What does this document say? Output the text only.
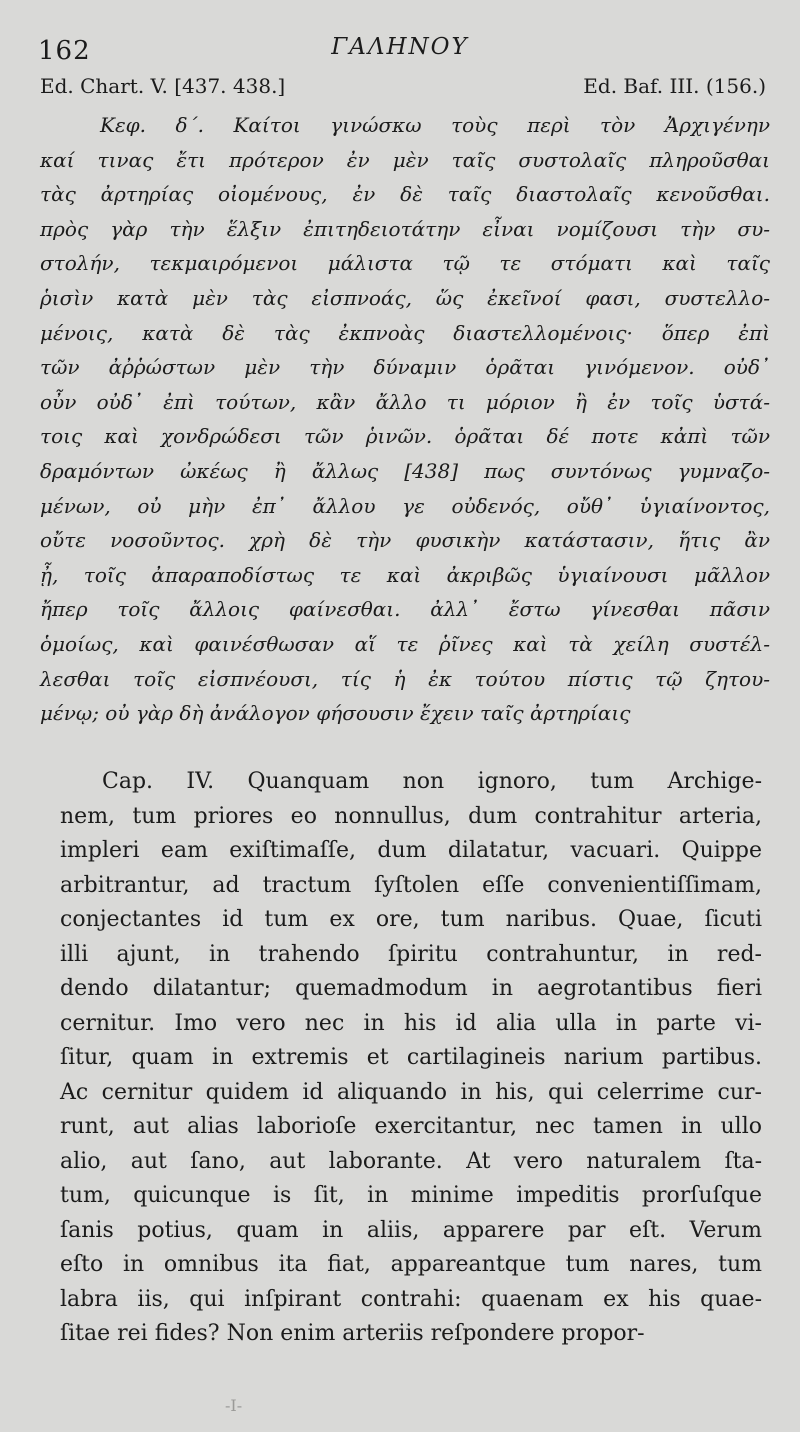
162	ΓΑΛΗΝΟΥ
Ed. Chart. V. [437. 438.]	Ed. Baf. III. (156.)
Κεφ. δ΄. Καίτοι γινώσκω τοὺς περὶ τὸν Ἀρχιγένην
καί τινας ἔτι πρότερον ἐν μὲν ταῖς συστολαῖς πληροῦσθαι
τὰς ἀρτηρίας οἰομένους, ἐν δὲ ταῖς διαστολαῖς κενοῦσθαι.
πρὸς γὰρ τὴν ἕλξιν ἐπιτηδειοτάτην εἶναι νομίζουσι τὴν συ-
στολήν, τεκμαιρόμενοι μάλιστα τῷ τε στόματι καὶ ταῖς
ῥισὶν κατὰ μὲν τὰς εἰσπνοάς, ὥς ἐκεῖνοί φασι, συστελλο-
μένοις, κατὰ δὲ τὰς ἐκπνοὰς διαστελλομένοις· ὅπερ ἐπὶ
τῶν ἀῤῥώστων μὲν τὴν δύναμιν ὁρᾶται γινόμενον. οὐδ᾽
οὖν οὐδ᾽ ἐπὶ τούτων, κἂν ἄλλο τι μόριον ἢ ἐν τοῖς ὑστά-
τοις καὶ χονδρώδεσι τῶν ῥινῶν. ὁρᾶται δέ ποτε κἀπὶ τῶν
δραμόντων ὠκέως ἢ ἄλλως [438] πως συντόνως γυμναζο-
μένων, οὐ μὴν ἐπ᾽ ἄλλου γε οὐδενός, οὔθ᾽ ὑγιαίνοντος,
οὔτε νοσοῦντος. χρὴ δὲ τὴν φυσικὴν κατάστασιν, ἥτις ἂν
ᾖ, τοῖς ἀπαραποδίστως τε καὶ ἀκριβῶς ὑγιαίνουσι μᾶλλον
ἤπερ τοῖς ἄλλοις φαίνεσθαι. ἀλλ᾽ ἔστω γίνεσθαι πᾶσιν
ὁμοίως, καὶ φαινέσθωσαν αἵ τε ῥῖνες καὶ τὰ χείλη συστέλ-
λεσθαι τοῖς εἰσπνέουσι, τίς ἡ ἐκ τούτου πίστις τῷ ζητου-
μένῳ; οὐ γὰρ δὴ ἀνάλογον φήσουσιν ἔχειν ταῖς ἀρτηρίαις
Cap. IV. Quanquam non ignoro, tum Archige-
nem, tum priores eo nonnullus, dum contrahitur arteria,
impleri eam exiſtimaſſe, dum dilatatur, vacuari. Quippe
arbitrantur, ad tractum ſyſtolen eſſe convenientiſſimam,
conjectantes id tum ex ore, tum naribus. Quae, ſicuti
illi ajunt, in trahendo ſpiritu contrahuntur, in red-
dendo dilatantur; quemadmodum in aegrotantibus fieri
cernitur. Imo vero nec in his id alia ulla in parte vi-
ſitur, quam in extremis et cartilagineis narium partibus.
Ac cernitur quidem id aliquando in his, qui celerrime cur-
runt, aut alias laborioſe exercitantur, nec tamen in ullo
alio, aut ſano, aut laborante. At vero naturalem ſta-
tum, quicunque is ſit, in minime impeditis prorſuſque
ſanis potius, quam in aliis, apparere par eſt. Verum
eſto in omnibus ita fiat, appareantque tum nares, tum
labra iis, qui inſpirant contrahi: quaenam ex his quae-
ſitae rei fides? Non enim arteriis reſpondere propor-
-I-
